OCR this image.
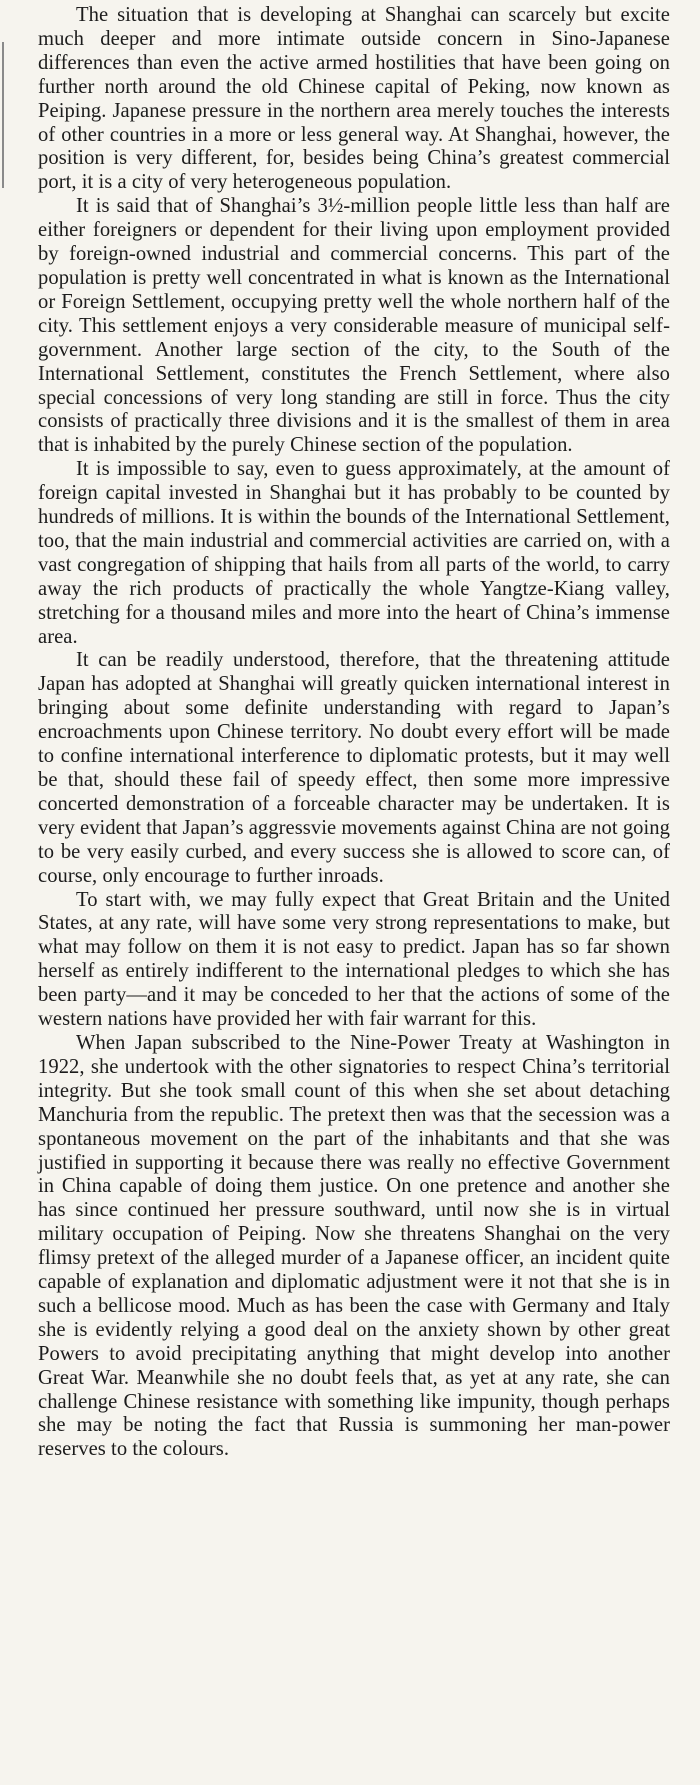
The situation that is developing at Shanghai can scarcely but excite much deeper and more intimate outside concern in Sino-Japanese differences than even the active armed hostilities that have been going on further north around the old Chinese capital of Peking, now known as Peiping. Japanese pressure in the northern area merely touches the interests of other countries in a more or less general way. At Shanghai, however, the position is very different, for, besides being China’s greatest commercial port, it is a city of very heterogeneous population.

It is said that of Shanghai’s 3½-million people little less than half are either foreigners or dependent for their living upon employment provided by foreign-owned industrial and commercial concerns. This part of the population is pretty well concentrated in what is known as the International or Foreign Settlement, occupying pretty well the whole northern half of the city. This settlement enjoys a very considerable measure of municipal self-government. Another large section of the city, to the South of the International Settlement, constitutes the French Settlement, where also special concessions of very long standing are still in force. Thus the city consists of practically three divisions and it is the smallest of them in area that is inhabited by the purely Chinese section of the population.

It is impossible to say, even to guess approximately, at the amount of foreign capital invested in Shanghai but it has probably to be counted by hundreds of millions. It is within the bounds of the International Settlement, too, that the main industrial and commercial activities are carried on, with a vast congregation of shipping that hails from all parts of the world, to carry away the rich products of practically the whole Yangtze-Kiang valley, stretching for a thousand miles and more into the heart of China’s immense area.

It can be readily understood, therefore, that the threatening attitude Japan has adopted at Shanghai will greatly quicken international interest in bringing about some definite understanding with regard to Japan’s encroachments upon Chinese territory. No doubt every effort will be made to confine international interference to diplomatic protests, but it may well be that, should these fail of speedy effect, then some more impressive concerted demonstration of a forceable character may be undertaken. It is very evident that Japan’s aggressvie movements against China are not going to be very easily curbed, and every success she is allowed to score can, of course, only encourage to further inroads.

To start with, we may fully expect that Great Britain and the United States, at any rate, will have some very strong representations to make, but what may follow on them it is not easy to predict. Japan has so far shown herself as entirely indifferent to the international pledges to which she has been party—and it may be conceded to her that the actions of some of the western nations have provided her with fair warrant for this.

When Japan subscribed to the Nine-Power Treaty at Washington in 1922, she undertook with the other signatories to respect China’s territorial integrity. But she took small count of this when she set about detaching Manchuria from the republic. The pretext then was that the secession was a spontaneous movement on the part of the inhabitants and that she was justified in supporting it because there was really no effective Government in China capable of doing them justice. On one pretence and another she has since continued her pressure southward, until now she is in virtual military occupation of Peiping. Now she threatens Shanghai on the very flimsy pretext of the alleged murder of a Japanese officer, an incident quite capable of explanation and diplomatic adjustment were it not that she is in such a bellicose mood. Much as has been the case with Germany and Italy she is evidently relying a good deal on the anxiety shown by other great Powers to avoid precipitating anything that might develop into another Great War. Meanwhile she no doubt feels that, as yet at any rate, she can challenge Chinese resistance with something like impunity, though perhaps she may be noting the fact that Russia is summoning her man-power reserves to the colours.
